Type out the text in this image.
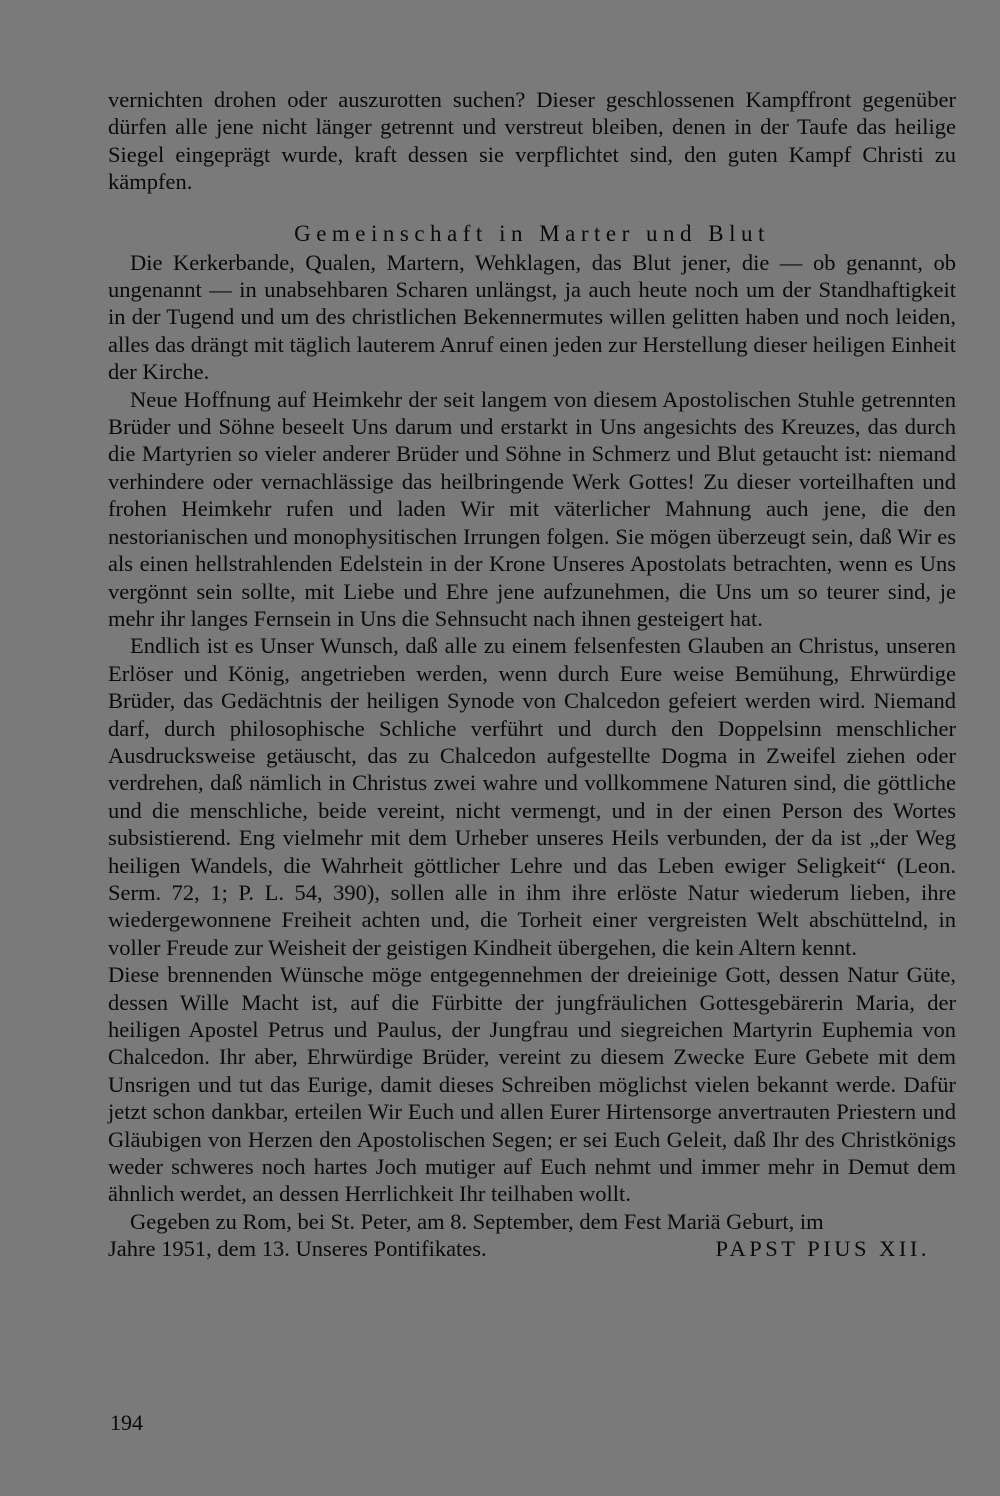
vernichten drohen oder auszurotten suchen? Dieser geschlossenen Kampffront gegenüber dürfen alle jene nicht länger getrennt und verstreut bleiben, denen in der Taufe das heilige Siegel eingeprägt wurde, kraft dessen sie verpflichtet sind, den guten Kampf Christi zu kämpfen.

Gemeinschaft in Marter und Blut

Die Kerkerbande, Qualen, Martern, Wehklagen, das Blut jener, die — ob genannt, ob ungenannt — in unabsehbaren Scharen unlängst, ja auch heute noch um der Standhaftigkeit in der Tugend und um des christlichen Bekennermutes willen gelitten haben und noch leiden, alles das drängt mit täglich lauterem Anruf einen jeden zur Herstellung dieser heiligen Einheit der Kirche.

Neue Hoffnung auf Heimkehr der seit langem von diesem Apostolischen Stuhle getrennten Brüder und Söhne beseelt Uns darum und erstarkt in Uns angesichts des Kreuzes, das durch die Martyrien so vieler anderer Brüder und Söhne in Schmerz und Blut getaucht ist: niemand verhindere oder vernachlässige das heilbringende Werk Gottes! Zu dieser vorteilhaften und frohen Heimkehr rufen und laden Wir mit väterlicher Mahnung auch jene, die den nestorianischen und monophysitischen Irrungen folgen. Sie mögen überzeugt sein, daß Wir es als einen hellstrahlenden Edelstein in der Krone Unseres Apostolats betrachten, wenn es Uns vergönnt sein sollte, mit Liebe und Ehre jene aufzunehmen, die Uns um so teurer sind, je mehr ihr langes Fernsein in Uns die Sehnsucht nach ihnen gesteigert hat.

Endlich ist es Unser Wunsch, daß alle zu einem felsenfesten Glauben an Christus, unseren Erlöser und König, angetrieben werden, wenn durch Eure weise Bemühung, Ehrwürdige Brüder, das Gedächtnis der heiligen Synode von Chalcedon gefeiert werden wird. Niemand darf, durch philosophische Schliche verführt und durch den Doppelsinn menschlicher Ausdrucksweise getäuscht, das zu Chalcedon aufgestellte Dogma in Zweifel ziehen oder verdrehen, daß nämlich in Christus zwei wahre und vollkommene Naturen sind, die göttliche und die menschliche, beide vereint, nicht vermengt, und in der einen Person des Wortes subsistierend. Eng vielmehr mit dem Urheber unseres Heils verbunden, der da ist „der Weg heiligen Wandels, die Wahrheit göttlicher Lehre und das Leben ewiger Seligkeit“ (Leon. Serm. 72, 1; P. L. 54, 390), sollen alle in ihm ihre erlöste Natur wiederum lieben, ihre wiedergewonnene Freiheit achten und, die Torheit einer vergreisten Welt abschüttelnd, in voller Freude zur Weisheit der geistigen Kindheit übergehen, die kein Altern kennt.

Diese brennenden Wünsche möge entgegennehmen der dreieinige Gott, dessen Natur Güte, dessen Wille Macht ist, auf die Fürbitte der jungfräulichen Gottesgebärerin Maria, der heiligen Apostel Petrus und Paulus, der Jungfrau und siegreichen Martyrin Euphemia von Chalcedon. Ihr aber, Ehrwürdige Brüder, vereint zu diesem Zwecke Eure Gebete mit dem Unsrigen und tut das Eurige, damit dieses Schreiben möglichst vielen bekannt werde. Dafür jetzt schon dankbar, erteilen Wir Euch und allen Eurer Hirtensorge anvertrauten Priestern und Gläubigen von Herzen den Apostolischen Segen; er sei Euch Geleit, daß Ihr des Christkönigs weder schweres noch hartes Joch mutiger auf Euch nehmt und immer mehr in Demut dem ähnlich werdet, an dessen Herrlichkeit Ihr teilhaben wollt.

Gegeben zu Rom, bei St. Peter, am 8. September, dem Fest Mariä Geburt, im

Jahre 1951, dem 13. Unseres Pontifikates.	PAPST PIUS XII.
194
